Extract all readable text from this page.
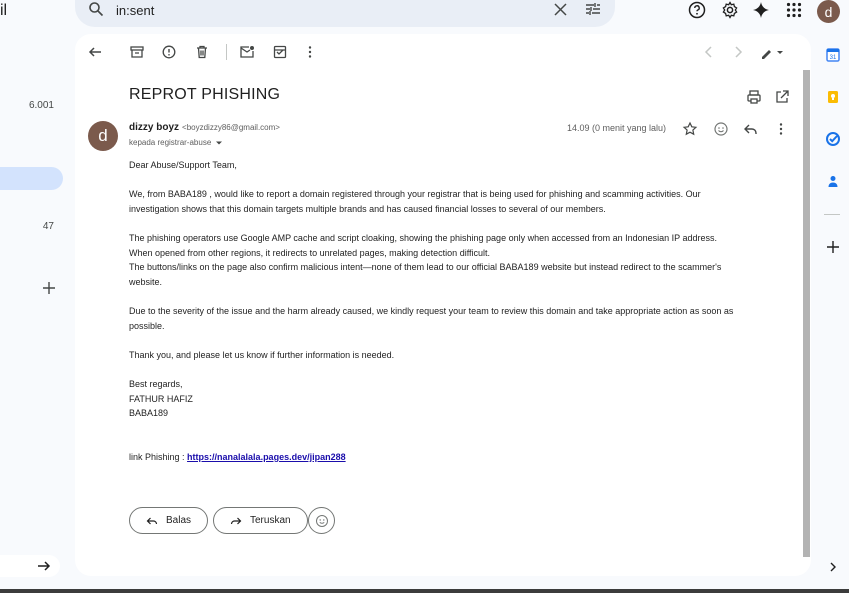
il
6.001
47
in:sent	d
REPROT PHISHING
d	dizzy boyz <boyzdizzy86@gmail.com>
kepada registrar-abuse
14.09 (0 menit yang lalu)

Dear Abuse/Support Team,

We, from BABA189 , would like to report a domain registered through your registrar that is being used for phishing and scamming activities. Our
investigation shows that this domain targets multiple brands and has caused financial losses to several of our members.

The phishing operators use Google AMP cache and script cloaking, showing the phishing page only when accessed from an Indonesian IP address.
When opened from other regions, it redirects to unrelated pages, making detection difficult.
The buttons/links on the page also confirm malicious intent—none of them lead to our official BABA189 website but instead redirect to the scammer's
website.

Due to the severity of the issue and the harm already caused, we kindly request your team to review this domain and take appropriate action as soon as
possible.

Thank you, and please let us know if further information is needed.

Best regards,
FATHUR HAFIZ
BABA189

link Phishing : https://nanalalala.pages.dev/jipan288

Balas	Teruskan
31
